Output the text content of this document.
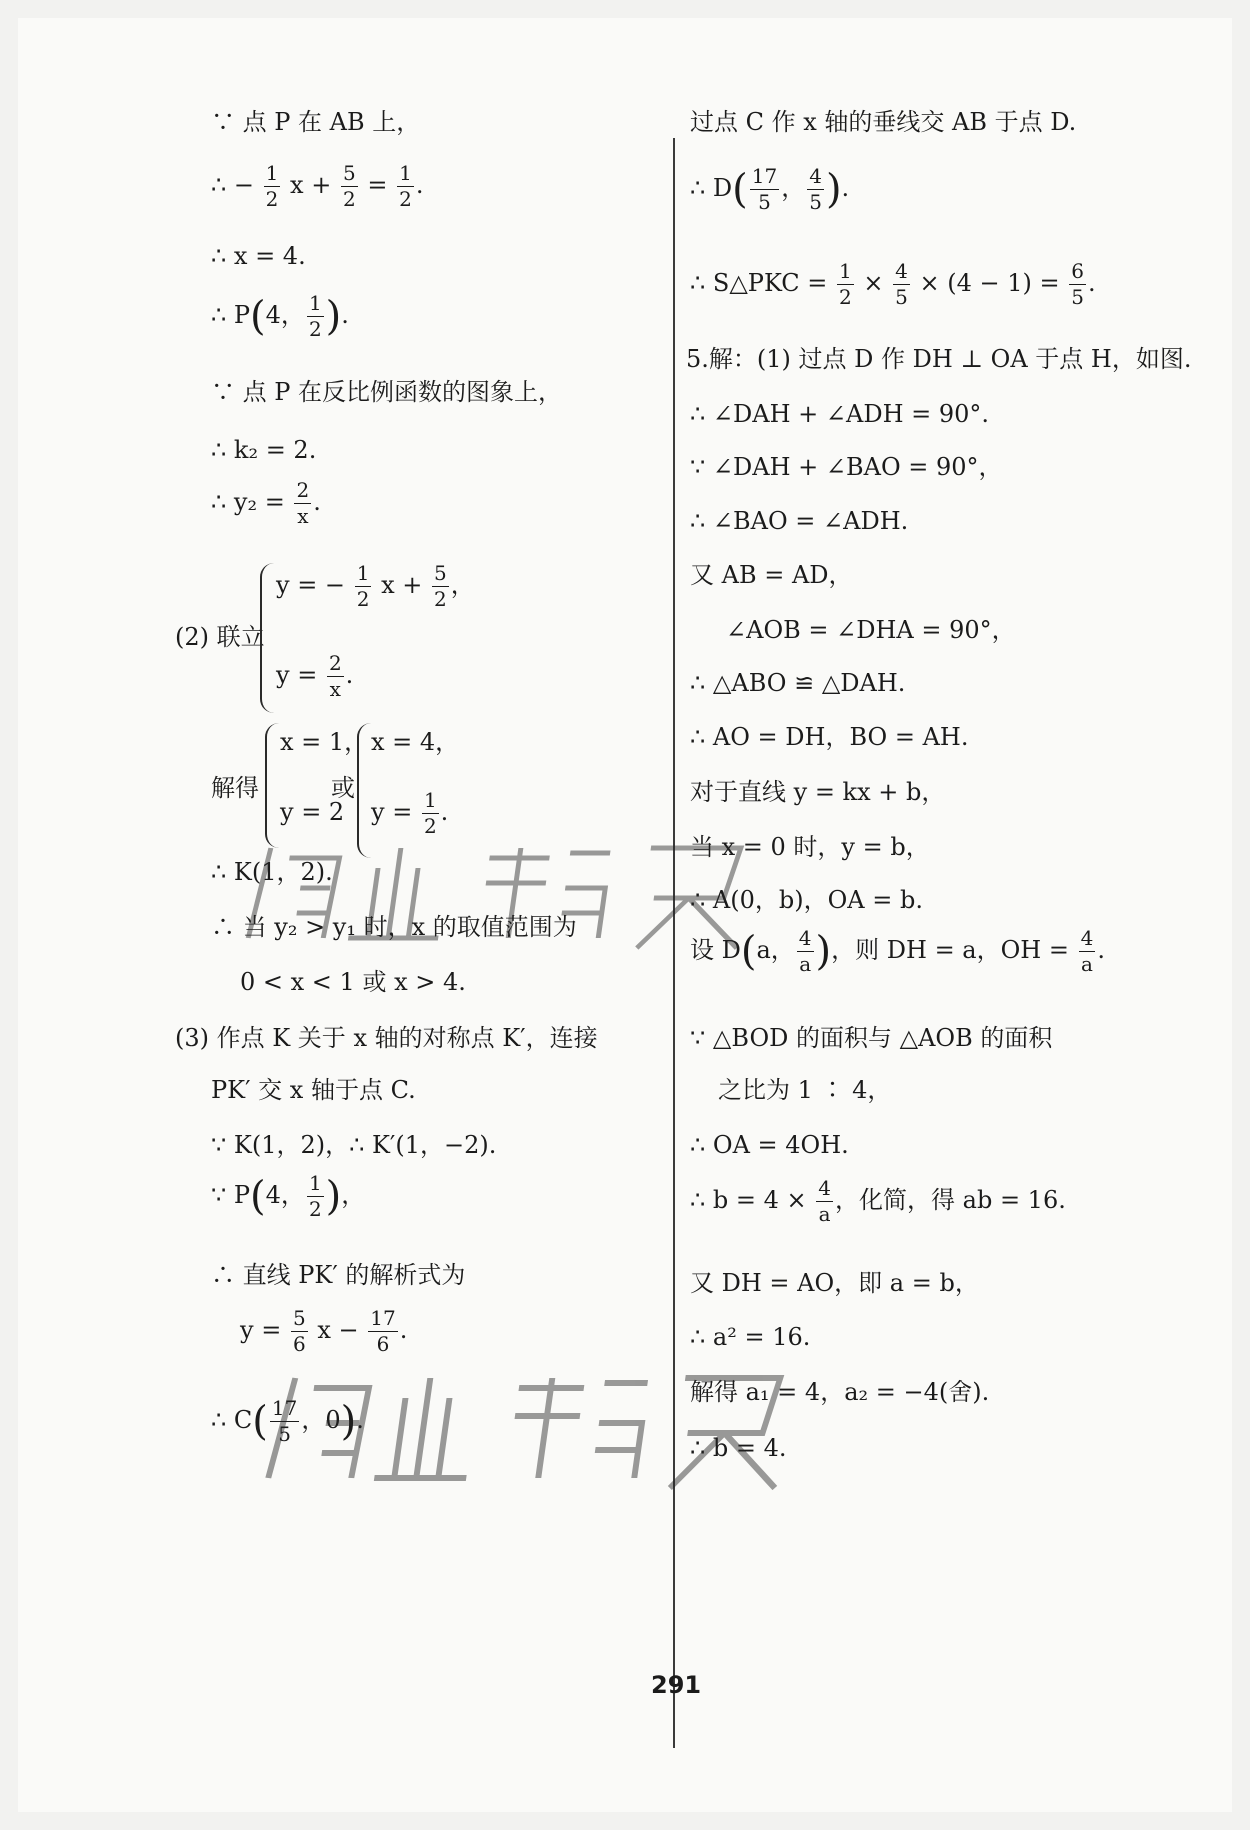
∵ 点 P 在 AB 上，
∴ − $\frac{1}{2}$ $x + \frac{5}{2} = \frac{1}{2}$ .
∴ x = 4.
∴ P(4， $\frac{1}{2}$ ).
∵ 点 P 在反比例函数的图象上，
∴ k₂ = 2.
∴ $y_2 = \frac{2}{x}$ .
(2) 联立
y = − $\frac{1}{2}$ $x + \frac{5}{2}$ ，
$y = \frac{2}{x}$ .
解得
x = 1，
y = 2
或
x = 4，
$y = \frac{1}{2}$ .
∴ K(1，2).
∴ 当 y₂ > y₁ 时，x 的取值范围为
0 < x < 1 或 x > 4.
(3) 作点 K 关于 x 轴的对称点 K′，连接
PK′ 交 x 轴于点 C.
∵ K(1，2)，∴ K′(1，−2).
∵ P(4， $\frac{1}{2}$ )，
∴ 直线 PK′ 的解析式为
$y = \frac{5}{6}$ $x - \frac{17}{6}$ .
∴ $C( \frac{17}{5}$ ，0).
过点 C 作 x 轴的垂线交 AB 于点 D.
∴ $D( \frac{17}{5}$ ， $\frac{4}{5}$ ).
∴ S△PKC = $\frac{1}{2} \times \frac{4}{5} \times (4 - 1) = \frac{6}{5}$ .
5.解：(1) 过点 D 作 DH ⊥ OA 于点 H，如图.
∴ ∠DAH + ∠ADH = 90°.
∵ ∠DAH + ∠BAO = 90°，
∴ ∠BAO = ∠ADH.
又 AB = AD，
∠AOB = ∠DHA = 90°，
∴ △ABO ≌ △DAH.
∴ AO = DH，BO = AH.
对于直线 y = kx + b，
当 x = 0 时，y = b，
∴ A(0，b)，OA = b.
设 D(a， $\frac{4}{a}$ )，则 DH = a，OH = $\frac{4}{a}$ .
∵ △BOD 的面积与 △AOB 的面积
之比为 1 ∶ 4，
∴ OA = 4OH.
∴ $b = 4 \times \frac{4}{a}$ ，化简，得 ab = 16.
又 DH = AO，即 a = b，
∴ a² = 16.
解得 a₁ = 4，a₂ = −4(舍).
∴ b = 4.
291
